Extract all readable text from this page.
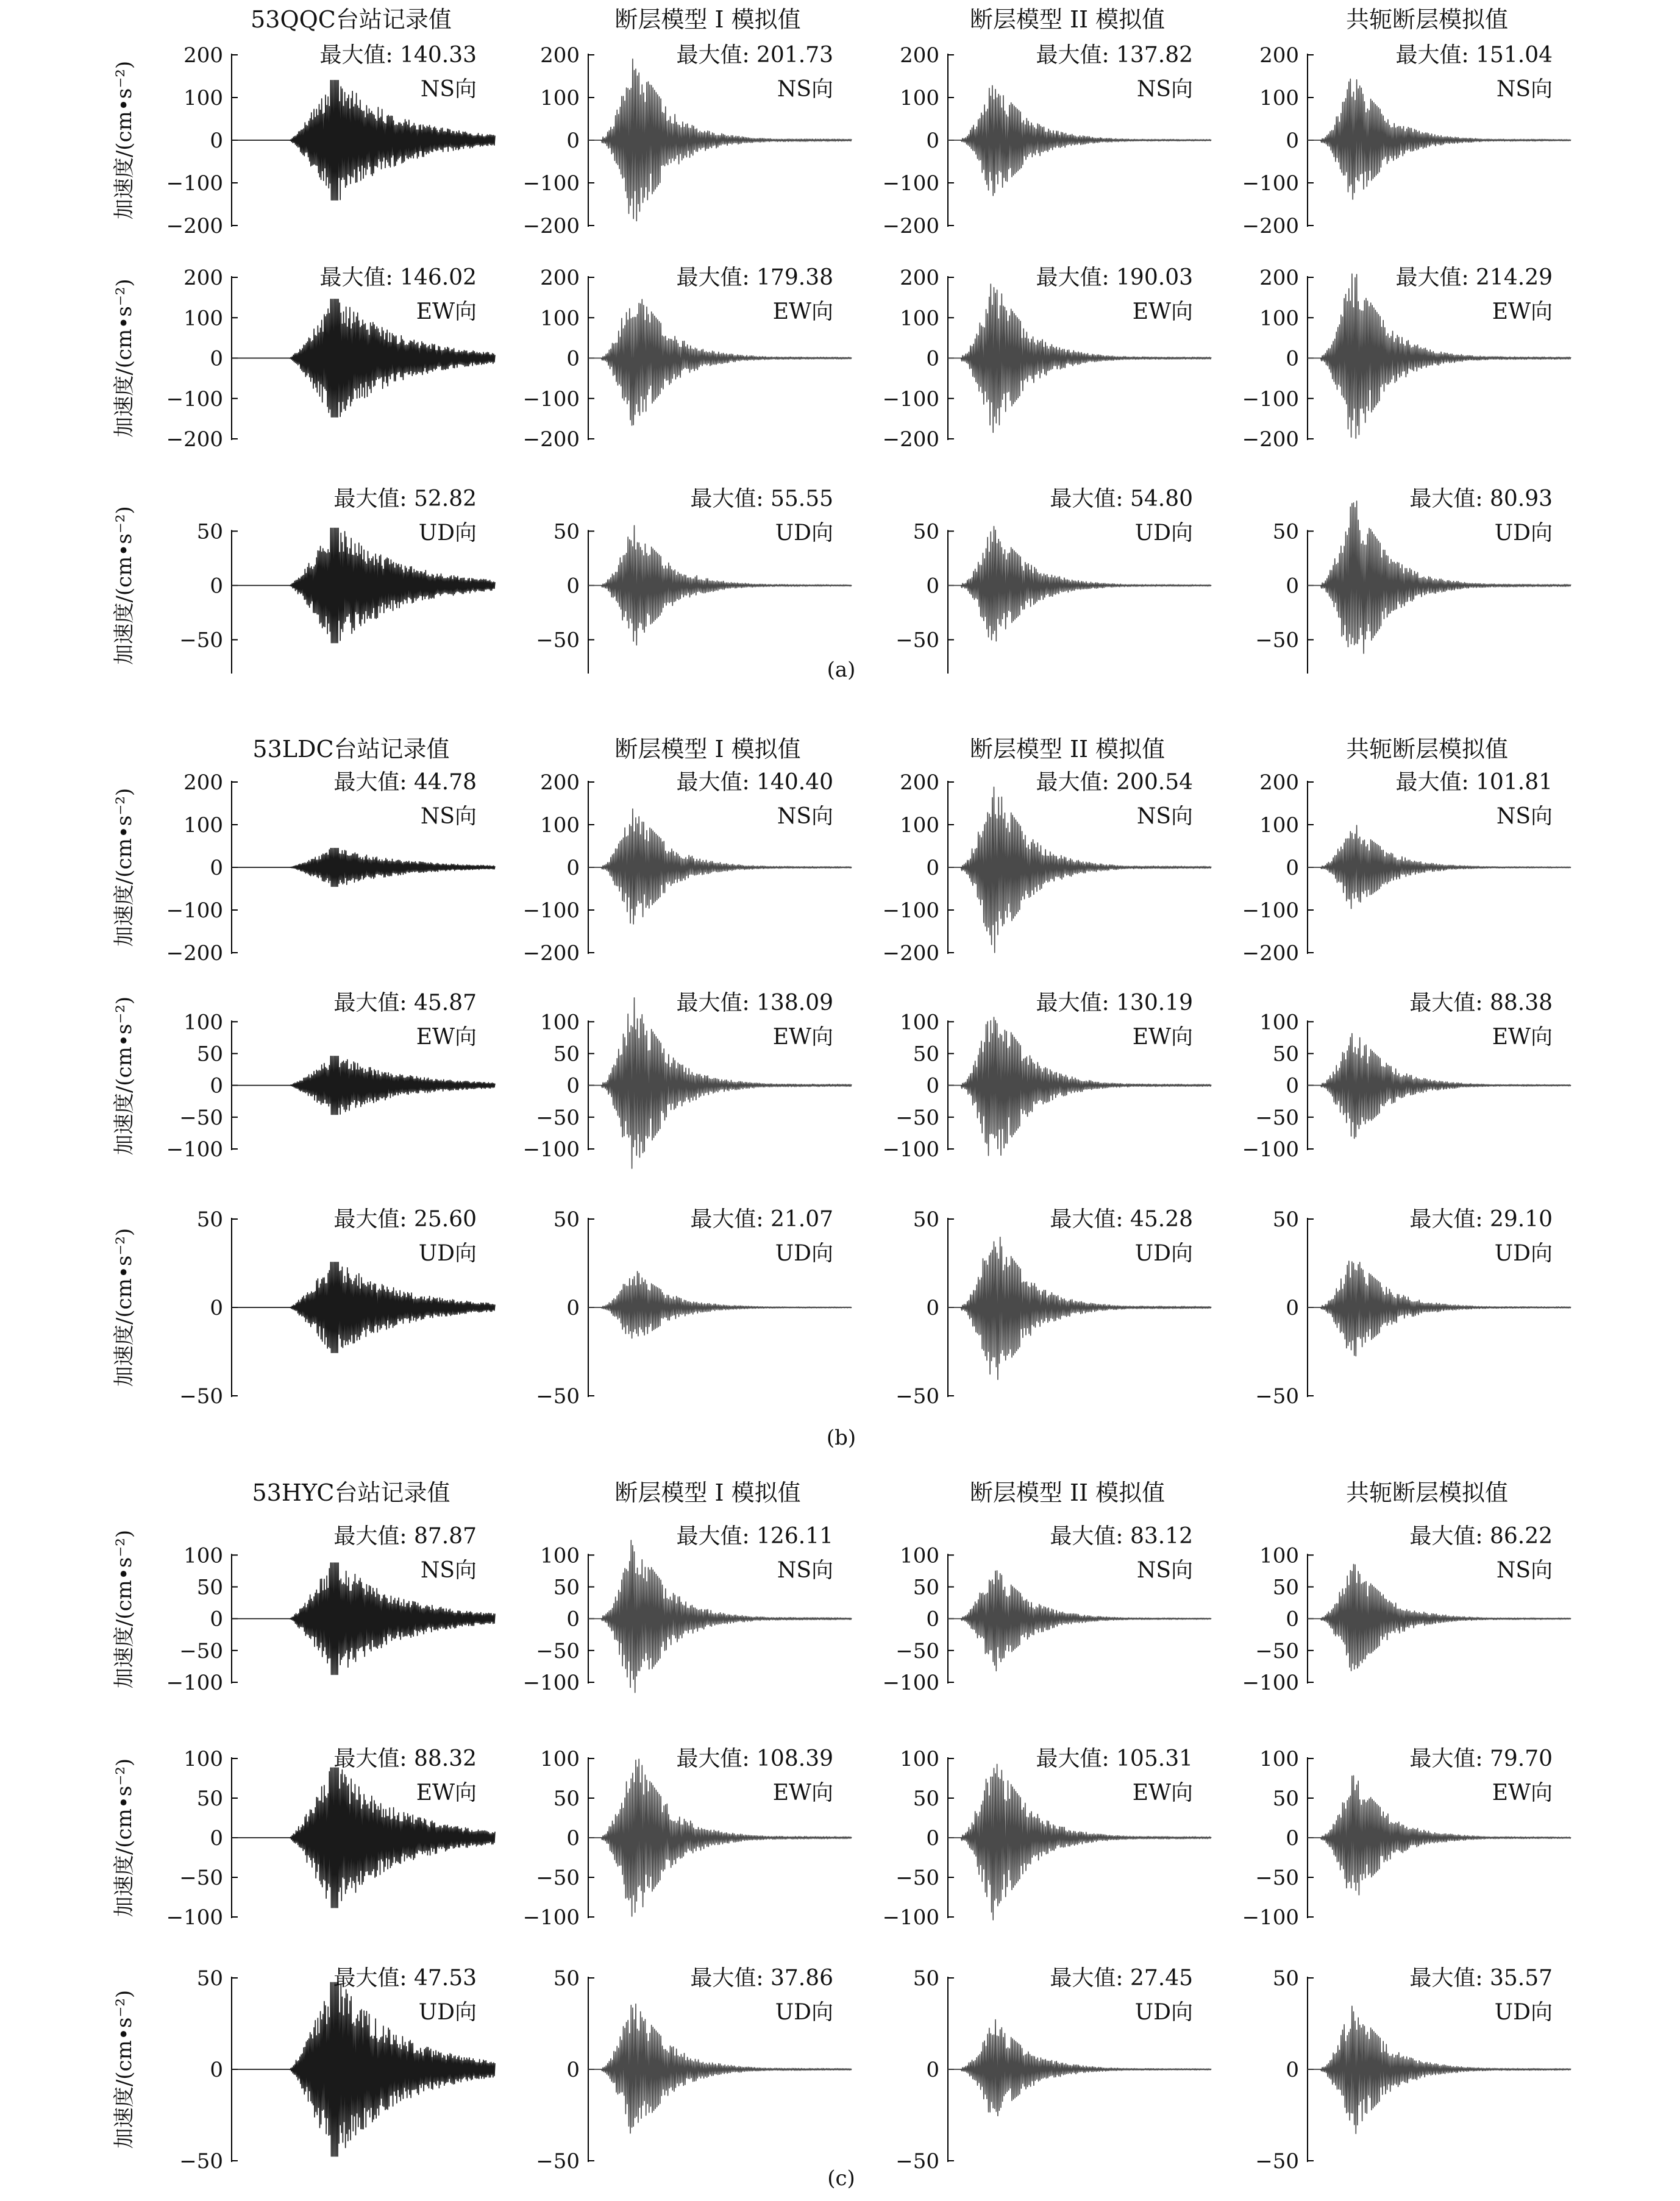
53QQC台站记录值	断层模型 I 模拟值	断层模型 II 模拟值	共轭断层模拟值
加速度/(cm•s⁻²)
−200
−100
0
100
200	最大值: 140.33
NS向
−200
−100
0
100
200	最大值: 201.73
NS向
−200
−100
0
100
200	最大值: 137.82
NS向
−200
−100
0
100
200	最大值: 151.04
NS向
加速度/(cm•s⁻²)
−200
−100
0
100
200	最大值: 146.02
EW向
−200
−100
0
100
200	最大值: 179.38
EW向
−200
−100
0
100
200	最大值: 190.03
EW向
−200
−100
0
100
200	最大值: 214.29
EW向
加速度/(cm•s⁻²) −50
0
50
最大值: 52.82
UD向
−50
0
50
最大值: 55.55
UD向
−50
0
50
最大值: 54.80
UD向
−50
0
50
最大值: 80.93
UD向
(a)
53LDC台站记录值	断层模型 I 模拟值	断层模型 II 模拟值	共轭断层模拟值
加速度/(cm•s⁻²)
−200
−100
0
100
200	最大值: 44.78
NS向
−200
−100
0
100
200	最大值: 140.40
NS向
−200
−100
0
100
200	最大值: 200.54
NS向
−200
−100
0
100
200	最大值: 101.81
NS向
加速度/(cm•s⁻²) −100
−50
0
50
100
最大值: 45.87
EW向
−100
−50
0
50
100
最大值: 138.09
EW向
−100
−50
0
50
100
最大值: 130.19
EW向
−100
−50
0
50
100
最大值: 88.38
EW向
加速度/(cm•s⁻²)
−50
0
50	最大值: 25.60
UD向
−50
0
50	最大值: 21.07
UD向
−50
0
50	最大值: 45.28
UD向
−50
0
50	最大值: 29.10
UD向
(b)
53HYC台站记录值	断层模型 I 模拟值	断层模型 II 模拟值	共轭断层模拟值
加速度/(cm•s⁻²) −100
−50
0
50
100
最大值: 87.87
NS向
−100
−50
0
50
100
最大值: 126.11
NS向
−100
−50
0
50
100
最大值: 83.12
NS向
−100
−50
0
50
100
最大值: 86.22
NS向
加速度/(cm•s⁻²)
−100
−50
0
50
100	最大值: 88.32
EW向
−100
−50
0
50
100	最大值: 108.39
EW向
−100
−50
0
50
100	最大值: 105.31
EW向
−100
−50
0
50
100	最大值: 79.70
EW向
加速度/(cm•s⁻²)
−50
0
50	最大值: 47.53
UD向
−50
0
50	最大值: 37.86
UD向
−50
0
50	最大值: 27.45
UD向
−50
0
50	最大值: 35.57
UD向
(c)
